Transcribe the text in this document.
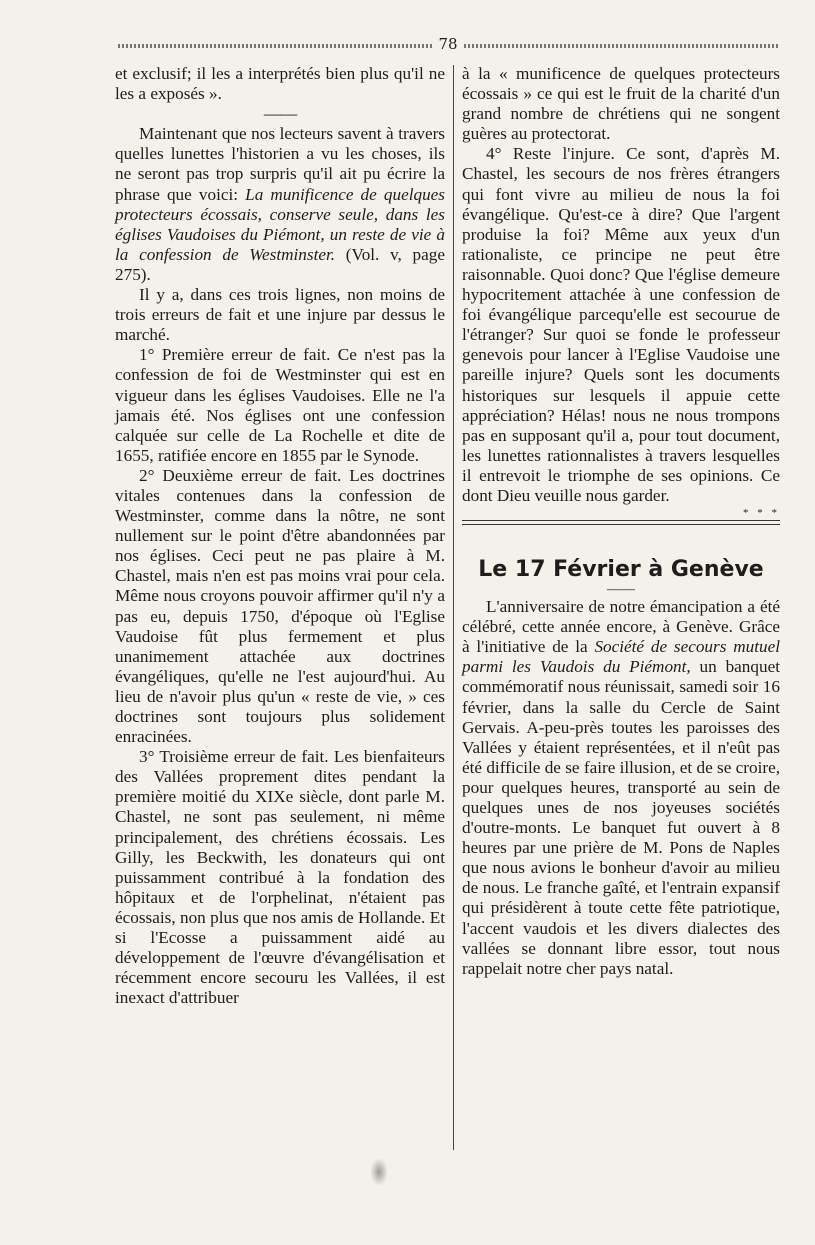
78

et exclusif; il les a interprétés bien plus qu'il ne les a exposés ».

——

Maintenant que nos lecteurs savent à travers quelles lunettes l'historien a vu les choses, ils ne seront pas trop surpris qu'il ait pu écrire la phrase que voici: La munificence de quelques protecteurs écossais, conserve seule, dans les églises Vaudoises du Piémont, un reste de vie à la confession de Westminster. (Vol. v, page 275).

Il y a, dans ces trois lignes, non moins de trois erreurs de fait et une injure par dessus le marché.

1° Première erreur de fait. Ce n'est pas la confession de foi de Westminster qui est en vigueur dans les églises Vaudoises. Elle ne l'a jamais été. Nos églises ont une confession calquée sur celle de La Rochelle et dite de 1655, ratifiée encore en 1855 par le Synode.

2° Deuxième erreur de fait. Les doctrines vitales contenues dans la confession de Westminster, comme dans la nôtre, ne sont nullement sur le point d'être abandonnées par nos églises. Ceci peut ne pas plaire à M. Chastel, mais n'en est pas moins vrai pour cela. Même nous croyons pouvoir affirmer qu'il n'y a pas eu, depuis 1750, d'époque où l'Eglise Vaudoise fût plus fermement et plus unanimement attachée aux doctrines évangéliques, qu'elle ne l'est aujourd'hui. Au lieu de n'avoir plus qu'un « reste de vie, » ces doctrines sont toujours plus solidement enracinées.

3° Troisième erreur de fait. Les bienfaiteurs des Vallées proprement dites pendant la première moitié du XIXe siècle, dont parle M. Chastel, ne sont pas seulement, ni même principalement, des chrétiens écossais. Les Gilly, les Beckwith, les donateurs qui ont puissamment contribué à la fondation des hôpitaux et de l'orphelinat, n'étaient pas écossais, non plus que nos amis de Hollande. Et si l'Ecosse a puissamment aidé au développement de l'œuvre d'évangélisation et récemment encore secouru les Vallées, il est inexact d'attribuer

à la « munificence de quelques protecteurs écossais » ce qui est le fruit de la charité d'un grand nombre de chrétiens qui ne songent guères au protectorat.

4° Reste l'injure. Ce sont, d'après M. Chastel, les secours de nos frères étrangers qui font vivre au milieu de nous la foi évangélique. Qu'est-ce à dire? Que l'argent produise la foi? Même aux yeux d'un rationaliste, ce principe ne peut être raisonnable. Quoi donc? Que l'église demeure hypocritement attachée à une confession de foi évangélique parcequ'elle est secourue de l'étranger? Sur quoi se fonde le professeur genevois pour lancer à l'Eglise Vaudoise une pareille injure? Quels sont les documents historiques sur lesquels il appuie cette appréciation? Hélas! nous ne nous trompons pas en supposant qu'il a, pour tout document, les lunettes rationnalistes à travers lesquelles il entrevoit le triomphe de ses opinions. Ce dont Dieu veuille nous garder.

* * *

Le 17 Février à Genève

——

L'anniversaire de notre émancipation a été célébré, cette année encore, à Genève. Grâce à l'initiative de la Société de secours mutuel parmi les Vaudois du Piémont, un banquet commémoratif nous réunissait, samedi soir 16 février, dans la salle du Cercle de Saint Gervais. A-peu-près toutes les paroisses des Vallées y étaient représentées, et il n'eût pas été difficile de se faire illusion, et de se croire, pour quelques heures, transporté au sein de quelques unes de nos joyeuses sociétés d'outre-monts. Le banquet fut ouvert à 8 heures par une prière de M. Pons de Naples que nous avions le bonheur d'avoir au milieu de nous. Le franche gaîté, et l'entrain expansif qui présidèrent à toute cette fête patriotique, l'accent vaudois et les divers dialectes des vallées se donnant libre essor, tout nous rappelait notre cher pays natal.
